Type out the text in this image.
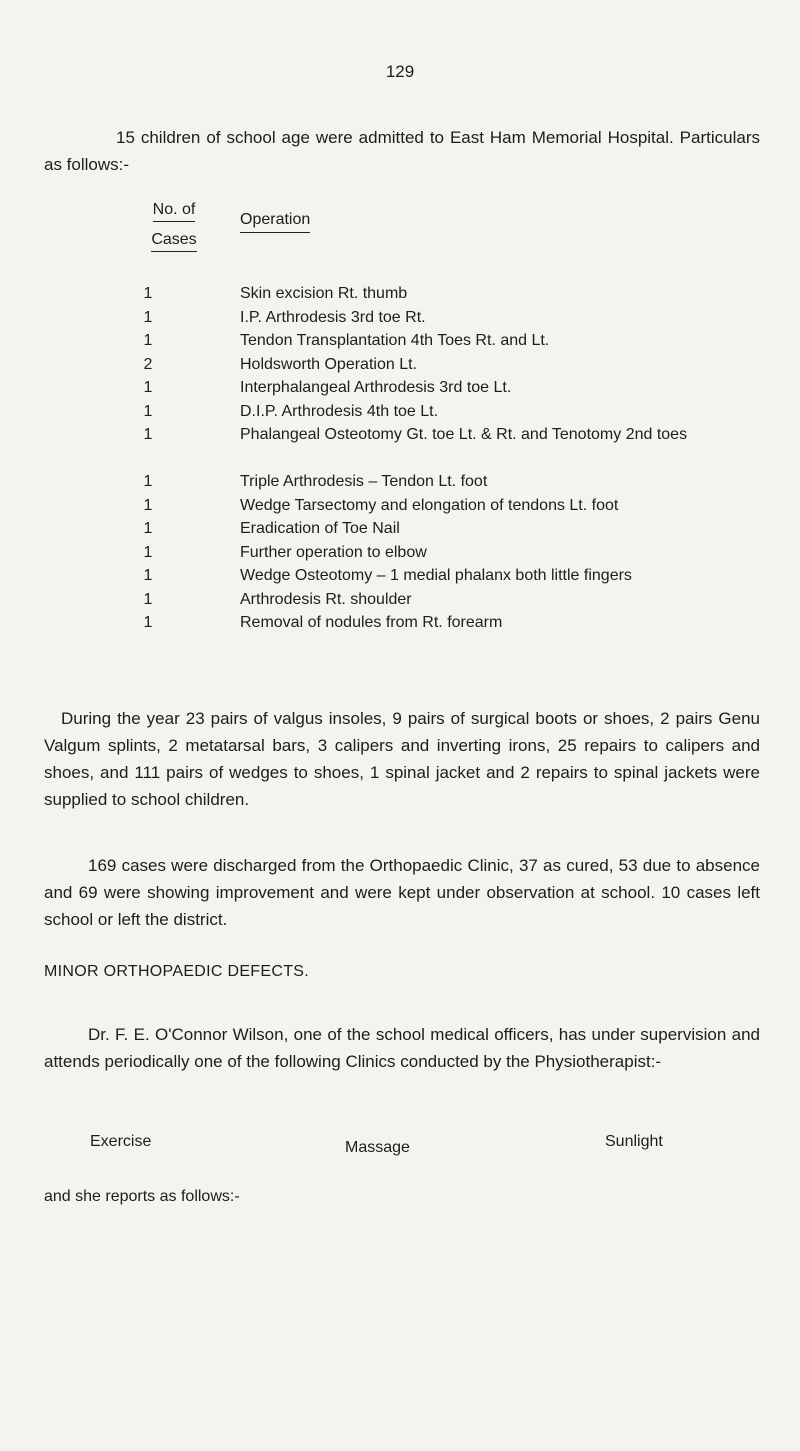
129

15 children of school age were admitted to East Ham Memorial Hospital. Particulars as follows:-

No. of
Cases
Operation
1	Skin excision Rt. thumb
1	I.P. Arthrodesis 3rd toe Rt.
1	Tendon Transplantation 4th Toes Rt. and Lt.
2	Holdsworth Operation Lt.
1	Interphalangeal Arthrodesis 3rd toe Lt.
1	D.I.P. Arthrodesis 4th toe Lt.
1	Phalangeal Osteotomy Gt. toe Lt. & Rt. and Tenotomy 2nd toes
1	Triple Arthrodesis – Tendon Lt. foot
1	Wedge Tarsectomy and elongation of tendons Lt. foot
1	Eradication of Toe Nail
1	Further operation to elbow
1	Wedge Osteotomy – 1 medial phalanx both little fingers
1	Arthrodesis Rt. shoulder
1	Removal of nodules from Rt. forearm

During the year 23 pairs of valgus insoles, 9 pairs of surgical boots or shoes, 2 pairs Genu Valgum splints, 2 metatarsal bars, 3 calipers and inverting irons, 25 repairs to calipers and shoes, and 111 pairs of wedges to shoes, 1 spinal jacket and 2 repairs to spinal jackets were supplied to school children.

169 cases were discharged from the Orthopaedic Clinic, 37 as cured, 53 due to absence and 69 were showing improvement and were kept under observation at school. 10 cases left school or left the district.

MINOR ORTHOPAEDIC DEFECTS.

Dr. F. E. O'Connor Wilson, one of the school medical officers, has under supervision and attends periodically one of the following Clinics conducted by the Physiotherapist:-

Exercise	Massage	Sunlight
and she reports as follows:-
